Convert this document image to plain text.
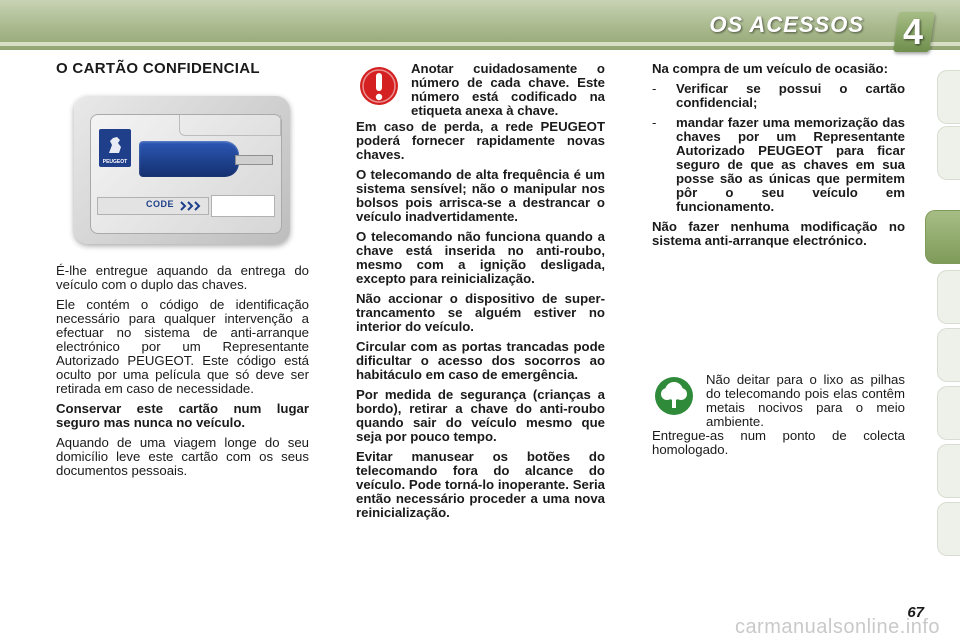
OS ACESSOS 4
O CARTÃO CONFIDENCIAL
PEUGEOT
CODE

É-lhe entregue aquando da entrega do veículo com o duplo das chaves.

Ele contém o código de identificação necessário para qualquer intervenção a efectuar no sistema de anti-arranque electrónico por um Representante Autorizado PEUGEOT. Este código está oculto por uma película que só deve ser retirada em caso de necessidade.

Conservar este cartão num lugar seguro mas nunca no veículo.

Aquando de uma viagem longe do seu domicílio leve este cartão com os seus documentos pessoais.

Anotar cuidadosamente o número de cada chave. Este número está codificado na etiqueta anexa à chave.

Em caso de perda, a rede PEUGEOT poderá fornecer rapidamente novas chaves.

O telecomando de alta frequência é um sistema sensível; não o manipular nos bolsos pois arrisca-se a destrancar o veículo inadvertidamente.

O telecomando não funciona quando a chave está inserida no anti-roubo, mesmo com a ignição desligada, excepto para reinicialização.

Não accionar o dispositivo de super-trancamento se alguém estiver no interior do veículo.

Circular com as portas trancadas pode dificultar o acesso dos socorros ao habitáculo em caso de emergência.

Por medida de segurança (crianças a bordo), retirar a chave do anti-roubo quando sair do veículo mesmo que seja por pouco tempo.

Evitar manusear os botões do telecomando fora do alcance do veículo. Pode torná-lo inoperante. Seria então necessário proceder a uma nova reinicialização.

Na compra de um veículo de ocasião:

- Verificar se possui o cartão confidencial;
- mandar fazer uma memorização das chaves por um Representante Autorizado PEUGEOT para ficar seguro de que as chaves em sua posse são as únicas que permitem pôr o seu veículo em funcionamento.

Não fazer nenhuma modificação no sistema anti-arranque electrónico.

Não deitar para o lixo as pilhas do telecomando pois elas contêm metais nocivos para o meio ambiente.
Entregue-as num ponto de colecta homologado.
67
carmanualsonline.info
